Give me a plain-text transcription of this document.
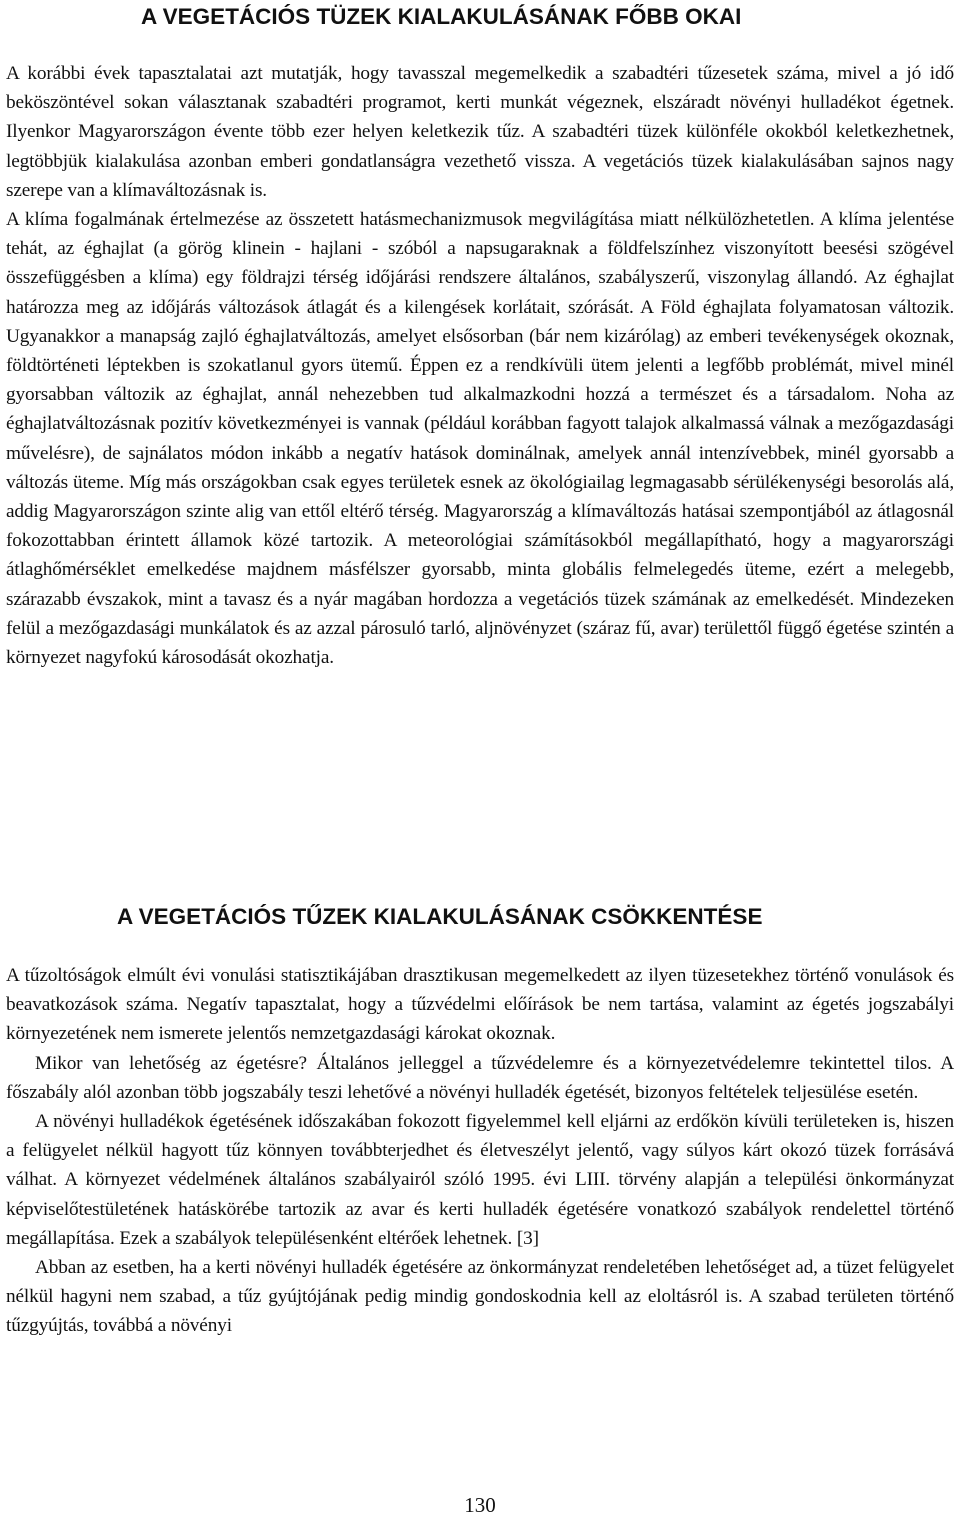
A VEGETÁCIÓS TÜZEK KIALAKULÁSÁNAK FŐBB OKAI

A korábbi évek tapasztalatai azt mutatják, hogy tavasszal megemelkedik a szabadtéri tűzesetek száma, mivel a jó idő beköszöntével sokan választanak szabadtéri programot, kerti munkát végeznek, elszáradt növényi hulladékot égetnek. Ilyenkor Magyarországon évente több ezer helyen keletkezik tűz. A szabadtéri tüzek különféle okokból keletkezhetnek, legtöbbjük kialakulása azonban emberi gondatlanságra vezethető vissza. A vegetációs tüzek kialakulásában sajnos nagy szerepe van a klímaváltozásnak is.

A klíma fogalmának értelmezése az összetett hatásmechanizmusok megvilágítása miatt nélkülözhetetlen. A klíma jelentése tehát, az éghajlat (a görög klinein - hajlani - szóból a napsugaraknak a földfelszínhez viszonyított beesési szögével összefüggésben a klíma) egy földrajzi térség időjárási rendszere általános, szabályszerű, viszonylag állandó. Az éghajlat határozza meg az időjárás változások átlagát és a kilengések korlátait, szórását. A Föld éghajlata folyamatosan változik. Ugyanakkor a manapság zajló éghajlatváltozás, amelyet elsősorban (bár nem kizárólag) az emberi tevékenységek okoznak, földtörténeti léptekben is szokatlanul gyors ütemű. Éppen ez a rendkívüli ütem jelenti a legfőbb problémát, mivel minél gyorsabban változik az éghajlat, annál nehezebben tud alkalmazkodni hozzá a természet és a társadalom. Noha az éghajlatváltozásnak pozitív következményei is vannak (például korábban fagyott talajok alkalmassá válnak a mezőgazdasági művelésre), de sajnálatos módon inkább a negatív hatások dominálnak, amelyek annál intenzívebbek, minél gyorsabb a változás üteme. Míg más országokban csak egyes területek esnek az ökológiailag legmagasabb sérülékenységi besorolás alá, addig Magyarországon szinte alig van ettől eltérő térség. Magyarország a klímaváltozás hatásai szempontjából az átlagosnál fokozottabban érintett államok közé tartozik. A meteorológiai számításokból megállapítható, hogy a magyarországi átlaghőmérséklet emelkedése majdnem másfélszer gyorsabb, minta globális felmelegedés üteme, ezért a melegebb, szárazabb évszakok, mint a tavasz és a nyár magában hordozza a vegetációs tüzek számának az emelkedését. Mindezeken felül a mezőgazdasági munkálatok és az azzal párosuló tarló, aljnövényzet (száraz fű, avar) területtől függő égetése szintén a környezet nagyfokú károsodását okozhatja.

A VEGETÁCIÓS TŰZEK KIALAKULÁSÁNAK CSÖKKENTÉSE

A tűzoltóságok elmúlt évi vonulási statisztikájában drasztikusan megemelkedett az ilyen tüzesetekhez történő vonulások és beavatkozások száma. Negatív tapasztalat, hogy a tűzvédelmi előírások be nem tartása, valamint az égetés jogszabályi környezetének nem ismerete jelentős nemzetgazdasági károkat okoznak.

Mikor van lehetőség az égetésre? Általános jelleggel a tűzvédelemre és a környezetvédelemre tekintettel tilos. A főszabály alól azonban több jogszabály teszi lehetővé a növényi hulladék égetését, bizonyos feltételek teljesülése esetén.

A növényi hulladékok égetésének időszakában fokozott figyelemmel kell eljárni az erdőkön kívüli területeken is, hiszen a felügyelet nélkül hagyott tűz könnyen továbbterjedhet és életveszélyt jelentő, vagy súlyos kárt okozó tüzek forrásává válhat. A környezet védelmének általános szabályairól szóló 1995. évi LIII. törvény alapján a települési önkormányzat képviselőtestületének hatáskörébe tartozik az avar és kerti hulladék égetésére vonatkozó szabályok rendelettel történő megállapítása. Ezek a szabályok településenként eltérőek lehetnek. [3]

Abban az esetben, ha a kerti növényi hulladék égetésére az önkormányzat rendeletében lehetőséget ad, a tüzet felügyelet nélkül hagyni nem szabad, a tűz gyújtójának pedig mindig gondoskodnia kell az eloltásról is. A szabad területen történő tűzgyújtás, továbbá a növényi

130
